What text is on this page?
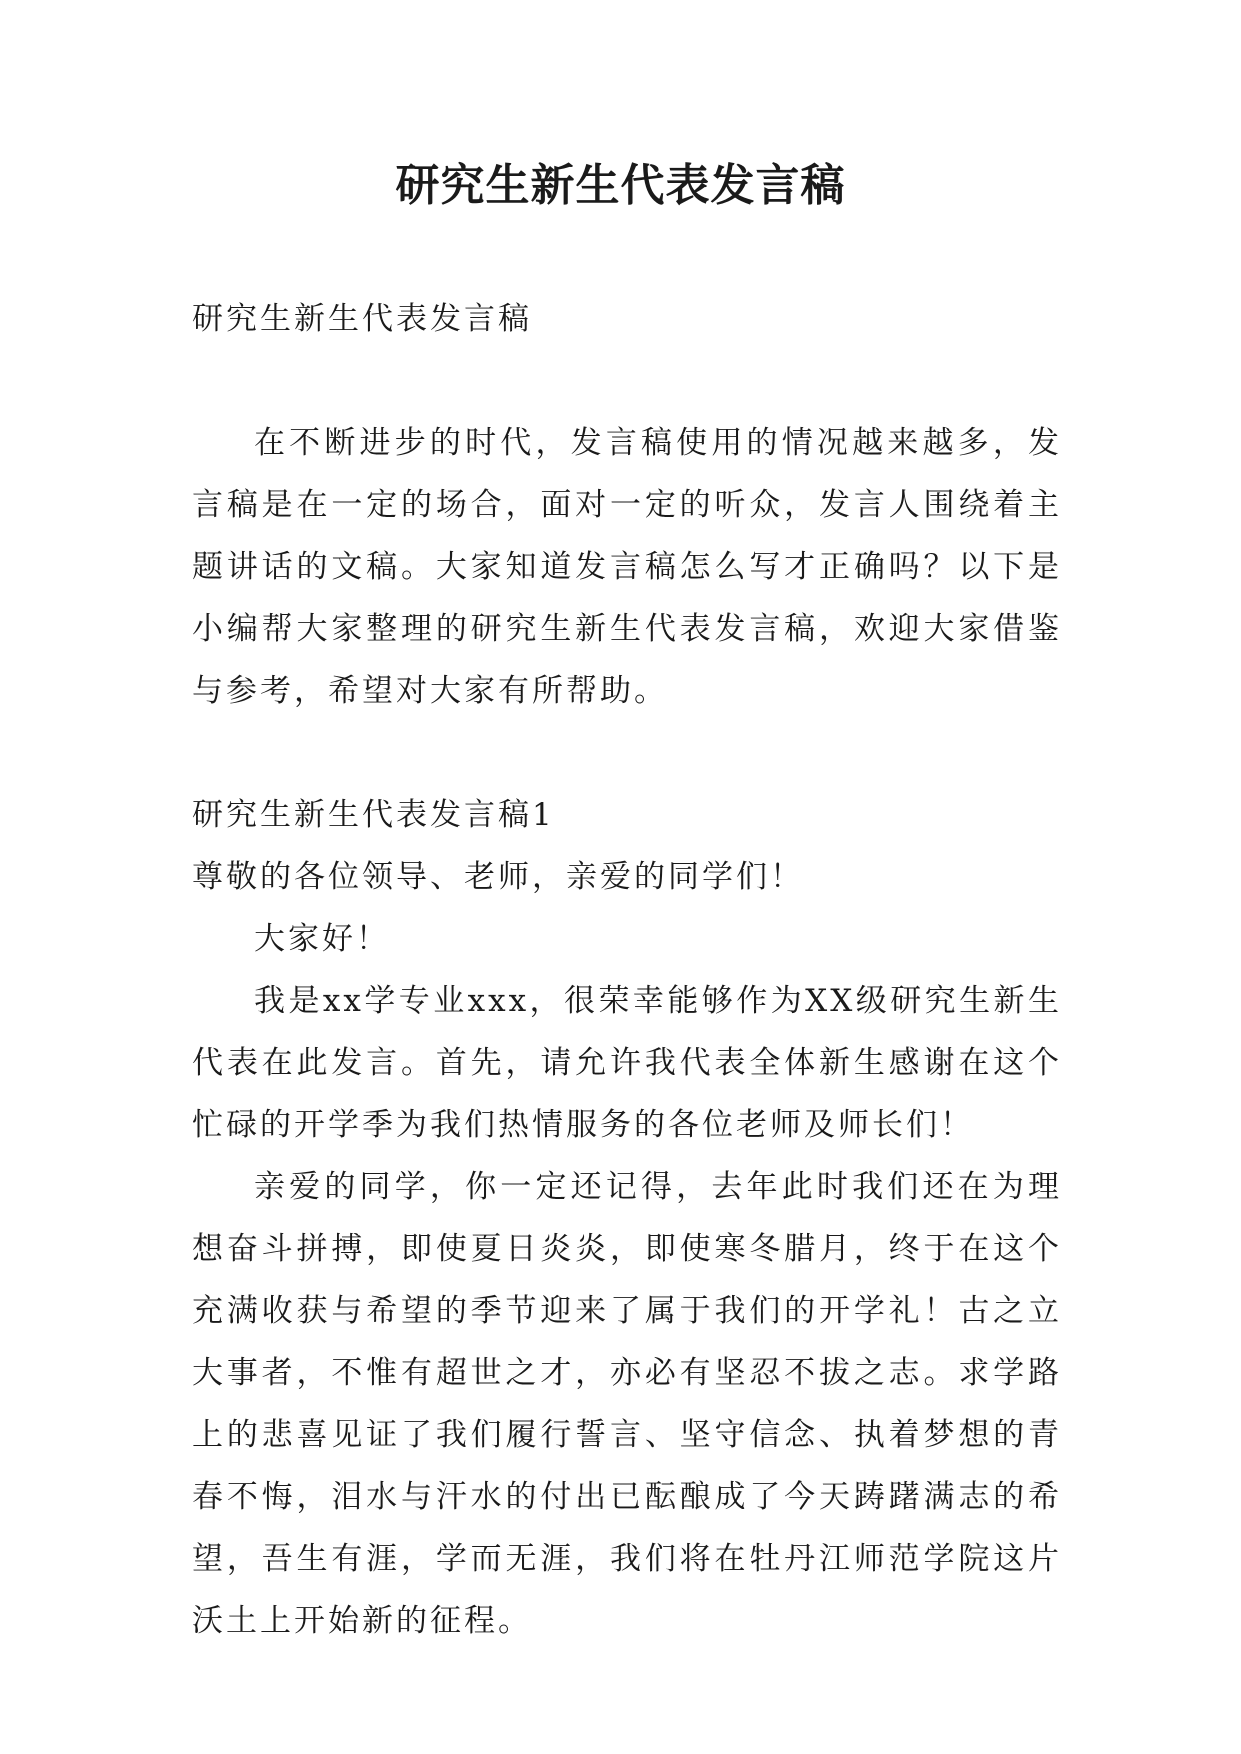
研究生新生代表发言稿

研究生新生代表发言稿

在不断进步的时代，发言稿使用的情况越来越多，发言稿是在一定的场合，面对一定的听众，发言人围绕着主题讲话的文稿。大家知道发言稿怎么写才正确吗？以下是小编帮大家整理的研究生新生代表发言稿，欢迎大家借鉴与参考，希望对大家有所帮助。

研究生新生代表发言稿1

尊敬的各位领导、老师，亲爱的同学们！

大家好！

我是xx学专业xxx，很荣幸能够作为XX级研究生新生代表在此发言。首先，请允许我代表全体新生感谢在这个忙碌的开学季为我们热情服务的各位老师及师长们！

亲爱的同学，你一定还记得，去年此时我们还在为理想奋斗拼搏，即使夏日炎炎，即使寒冬腊月，终于在这个充满收获与希望的季节迎来了属于我们的开学礼！古之立大事者，不惟有超世之才，亦必有坚忍不拔之志。求学路上的悲喜见证了我们履行誓言、坚守信念、执着梦想的青春不悔，泪水与汗水的付出已酝酿成了今天踌躇满志的希望，吾生有涯，学而无涯，我们将在牡丹江师范学院这片沃土上开始新的征程。
